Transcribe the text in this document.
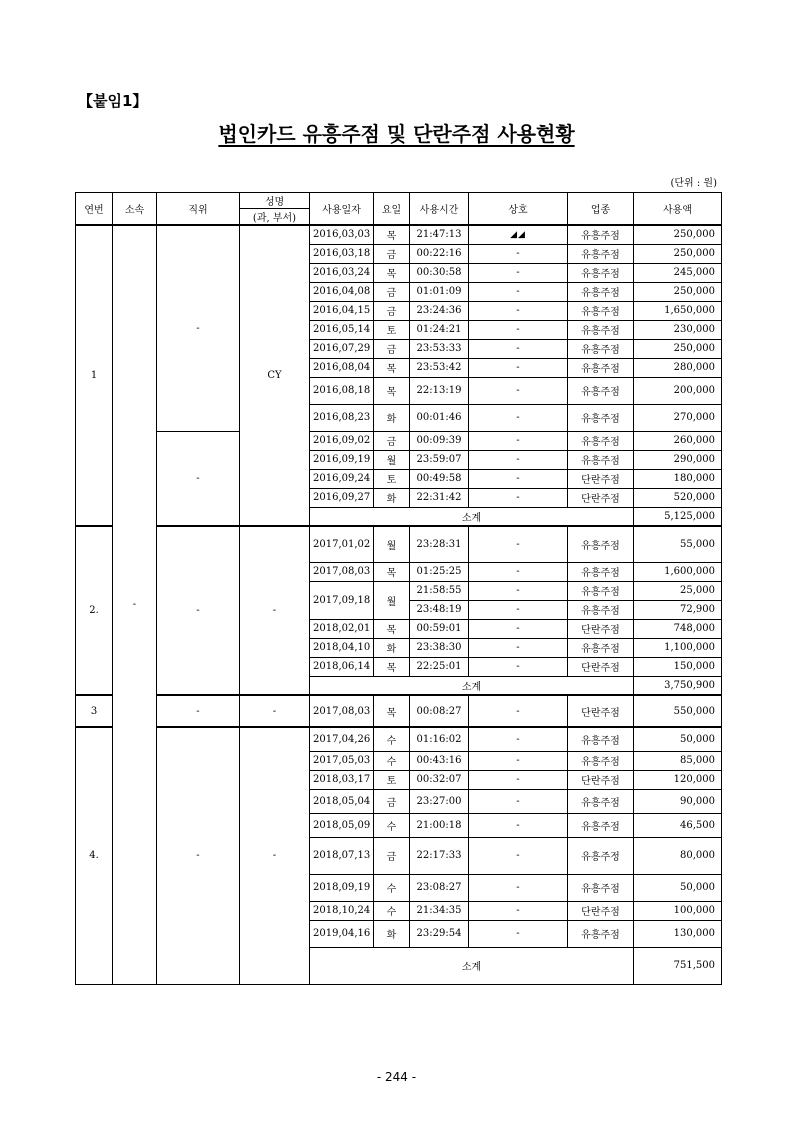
【붙임1】
법인카드 유흥주점 및 단란주점 사용현황
(단위 : 원)
연번	소속	직위	성명	사용일자	요일	사용시간	상호	업종	사용액
			(과, 부서)						
1	-	-	CY	2016,03,03	목	21:47:13	◢◢	유흥주점	250,000
				2016,03,18	금	00:22:16	-	유흥주점	250,000
				2016,03,24	목	00:30:58	-	유흥주점	245,000
				2016,04,08	금	01:01:09	-	유흥주점	250,000
				2016,04,15	금	23:24:36	-	유흥주점	1,650,000
				2016,05,14	토	01:24:21	-	유흥주점	230,000
				2016,07,29	금	23:53:33	-	유흥주점	250,000
				2016,08,04	목	23:53:42	-	유흥주점	280,000
				2016,08,18	목	22:13:19	-	유흥주점	200,000
				2016,08,23	화	00:01:46	-	유흥주점	270,000
		-		2016,09,02	금	00:09:39	-	유흥주점	260,000
				2016,09,19	월	23:59:07	-	유흥주점	290,000
				2016,09,24	토	00:49:58	-	단란주점	180,000
				2016,09,27	화	22:31:42	-	단란주점	520,000
				소계					5,125,000
2.		-	-	2017,01,02	월	23:28:31	-	유흥주점	55,000
				2017,08,03	목	01:25:25	-	유흥주점	1,600,000
				2017,09,18	월	21:58:55	-	유흥주점	25,000
						23:48:19	-	유흥주점	72,900
				2018,02,01	목	00:59:01	-	단란주점	748,000
				2018,04,10	화	23:38:30	-	유흥주점	1,100,000
				2018,06,14	목	22:25:01	-	단란주점	150,000
				소계					3,750,900
3		-	-	2017,08,03	목	00:08:27	-	단란주점	550,000
4.		-	-	2017,04,26	수	01:16:02	-	유흥주점	50,000
				2017,05,03	수	00:43:16	-	유흥주점	85,000
				2018,03,17	토	00:32:07	-	단란주점	120,000
				2018,05,04	금	23:27:00	-	유흥주점	90,000
				2018,05,09	수	21:00:18	-	유흥주점	46,500
				2018,07,13	금	22:17:33	-	유흥주정	80,000
				2018,09,19	수	23:08:27	-	유흥주점	50,000
				2018,10,24	수	21:34:35	-	단란주점	100,000
				2019,04,16	화	23:29:54	-	유흥주점	130,000
				소계					751,500
- 244 -
